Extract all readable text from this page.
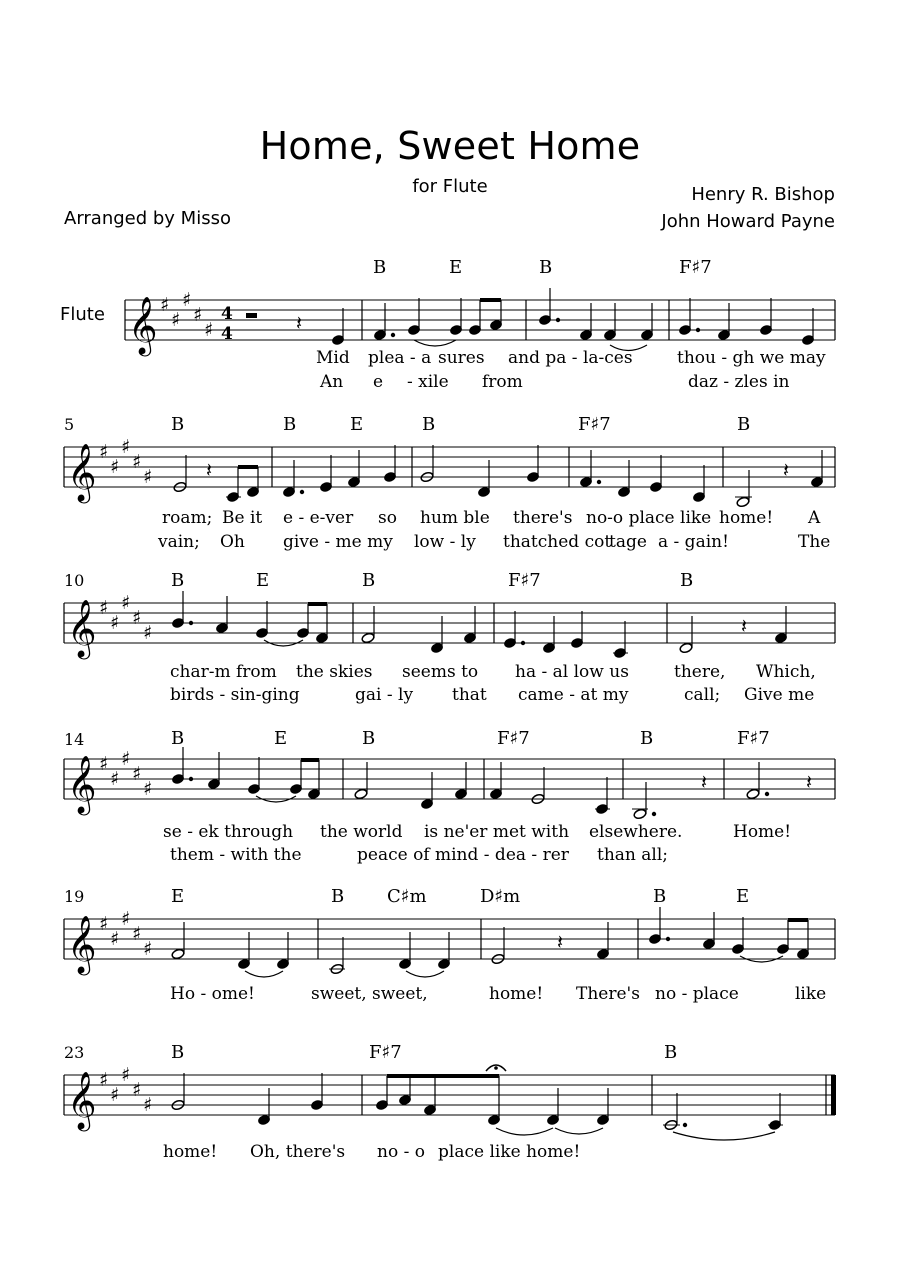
Home, Sweet Home
for Flute	Henry R. Bishop
John Howard Payne
Arranged by Misso
Flute 𝄞 ♯
♯
♯
♯
♯
4
4	𝄽
B	E	B	F♯7
Mid plea - a sures and pa - la-ces	thou - gh we may
An e - xile from	daz - zles in
5
𝄞 ♯
♯
♯
♯
♯	𝄽	𝄽
B	B	E	B	F♯7	B
roam; Be it e - e-ver so hum ble there's no-o place like home! A
vain; Oh give - me my low - ly thatched cot
tage a - gain!	The
10
𝄞 ♯
♯
♯
♯
♯	𝄽
B	E	B	F♯7	B
char-m from the skies seems to ha - al low us	there, Which,
birds - sin-ging	gai - ly that came - at my	call; Give me
14
𝄞 ♯
♯
♯
♯
♯	𝄽	𝄽
B	E	B	F♯7	B	F♯7
se - ek through the world is ne'er met with elsewhere.	Home!
them - with the	peace of mind - dea - rer than all;
19
𝄞 ♯
♯
♯
♯
♯	𝄽
E	B C♯m	D♯m	B	E
Ho - ome!	sweet, sweet,	home! There's no - place	like
23
𝄞 ♯
♯
♯
♯
♯
B	F♯7	B
home! Oh, there's no - o place like home!
